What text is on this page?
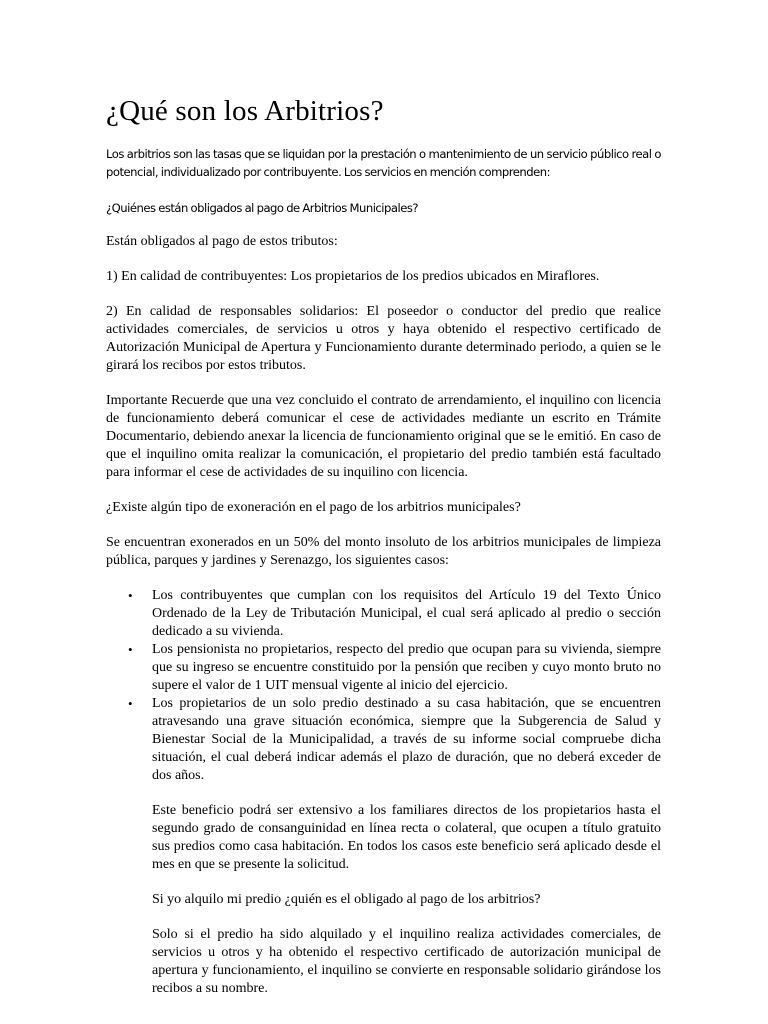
¿Qué son los Arbitrios?

Los arbitrios son las tasas que se liquidan por la prestación o mantenimiento de un servicio público real o potencial, individualizado por contribuyente. Los servicios en mención comprenden:

¿Quiénes están obligados al pago de Arbitrios Municipales?

Están obligados al pago de estos tributos:

1) En calidad de contribuyentes: Los propietarios de los predios ubicados en Miraflores.

2) En calidad de responsables solidarios: El poseedor o conductor del predio que realice actividades comerciales, de servicios u otros y haya obtenido el respectivo certificado de Autorización Municipal de Apertura y Funcionamiento durante determinado periodo, a quien se le girará los recibos por estos tributos.

Importante Recuerde que una vez concluido el contrato de arrendamiento, el inquilino con licencia de funcionamiento deberá comunicar el cese de actividades mediante un escrito en Trámite Documentario, debiendo anexar la licencia de funcionamiento original que se le emitió. En caso de que el inquilino omita realizar la comunicación, el propietario del predio también está facultado para informar el cese de actividades de su inquilino con licencia.

¿Existe algún tipo de exoneración en el pago de los arbitrios municipales?

Se encuentran exonerados en un 50% del monto insoluto de los arbitrios municipales de limpieza pública, parques y jardines y Serenazgo, los siguientes casos:

• Los contribuyentes que cumplan con los requisitos del Artículo 19 del Texto Único Ordenado de la Ley de Tributación Municipal, el cual será aplicado al predio o sección dedicado a su vivienda.
• Los pensionista no propietarios, respecto del predio que ocupan para su vivienda, siempre que su ingreso se encuentre constituido por la pensión que reciben y cuyo monto bruto no supere el valor de 1 UIT mensual vigente al inicio del ejercicio.
• Los propietarios de un solo predio destinado a su casa habitación, que se encuentren atravesando una grave situación económica, siempre que la Subgerencia de Salud y Bienestar Social de la Municipalidad, a través de su informe social compruebe dicha situación, el cual deberá indicar además el plazo de duración, que no deberá exceder de dos años.

Este beneficio podrá ser extensivo a los familiares directos de los propietarios hasta el segundo grado de consanguinidad en línea recta o colateral, que ocupen a título gratuito sus predios como casa habitación. En todos los casos este beneficio será aplicado desde el mes en que se presente la solicitud.

Si yo alquilo mi predio ¿quién es el obligado al pago de los arbitrios?

Solo si el predio ha sido alquilado y el inquilino realiza actividades comerciales, de servicios u otros y ha obtenido el respectivo certificado de autorización municipal de apertura y funcionamiento, el inquilino se convierte en responsable solidario girándose los recibos a su nombre.
